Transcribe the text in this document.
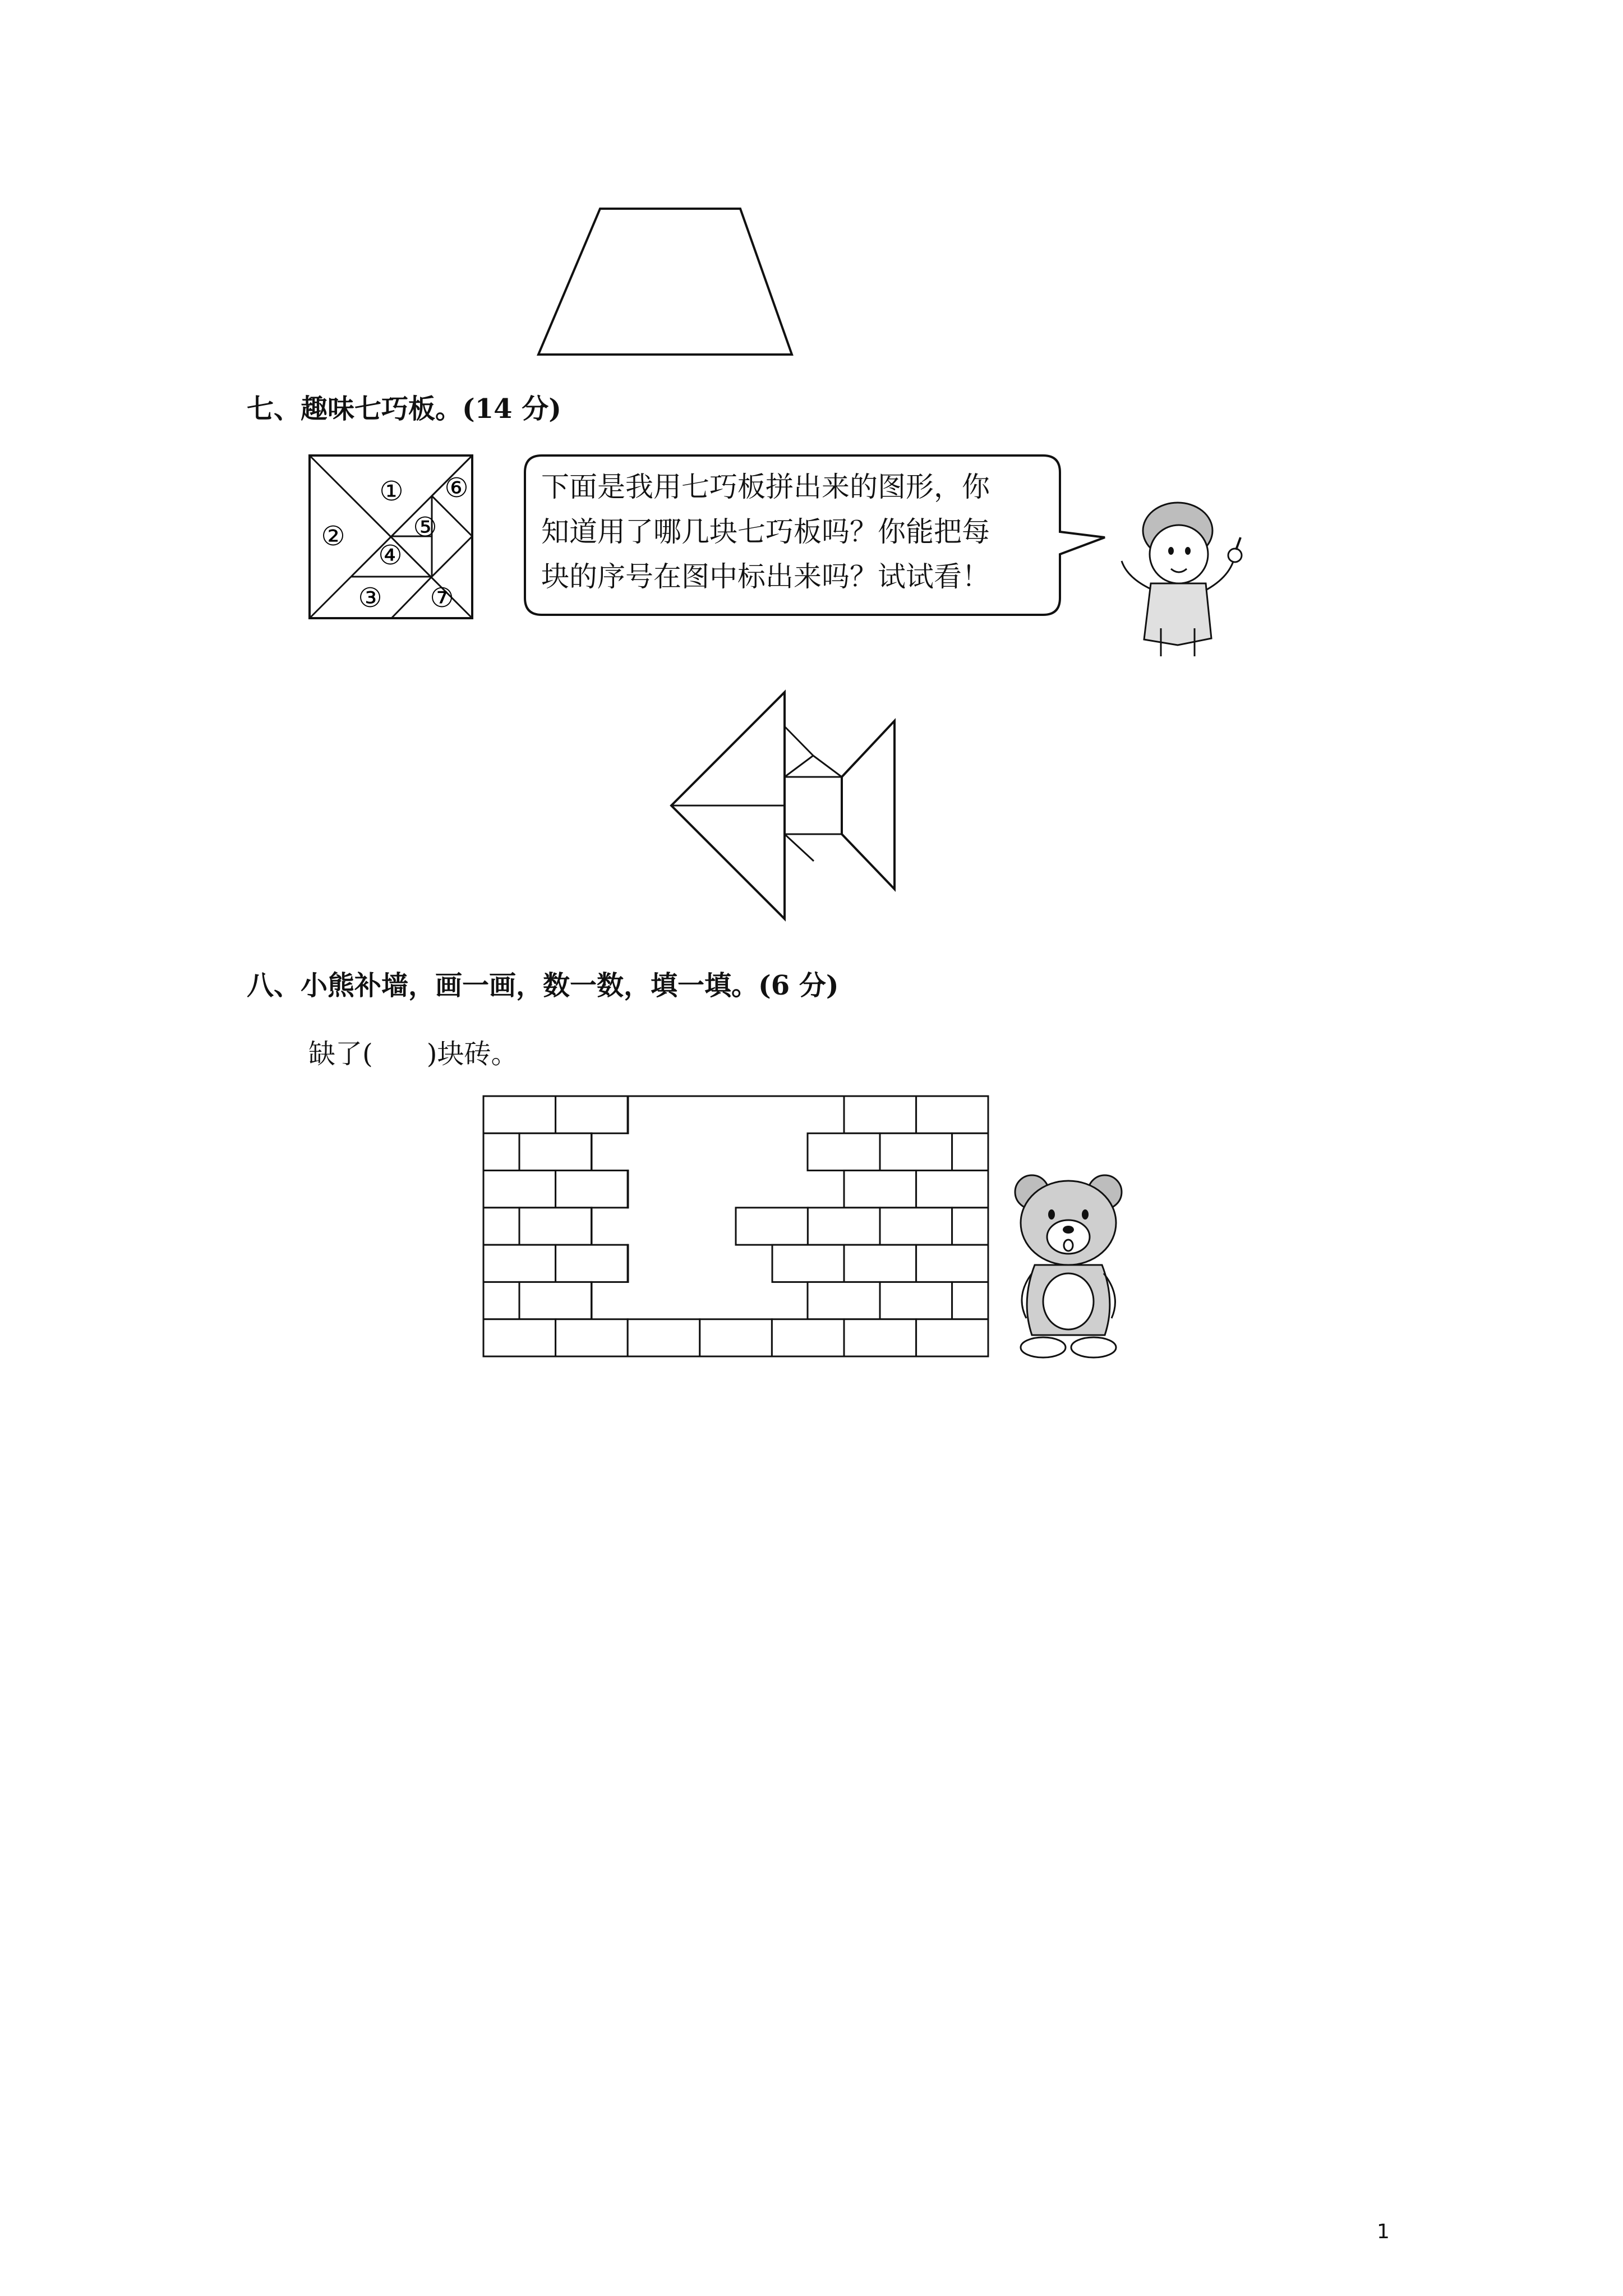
七、趣味七巧板。(14 分)
①
②
③
④
⑤
⑥
⑦
下面是我用七巧板拼出来的图形，你
知道用了哪几块七巧板吗？你能把每
块的序号在图中标出来吗？试试看！
八、小熊补墙，画一画，数一数，填一填。(6 分)
缺了(　　)块砖。
1
